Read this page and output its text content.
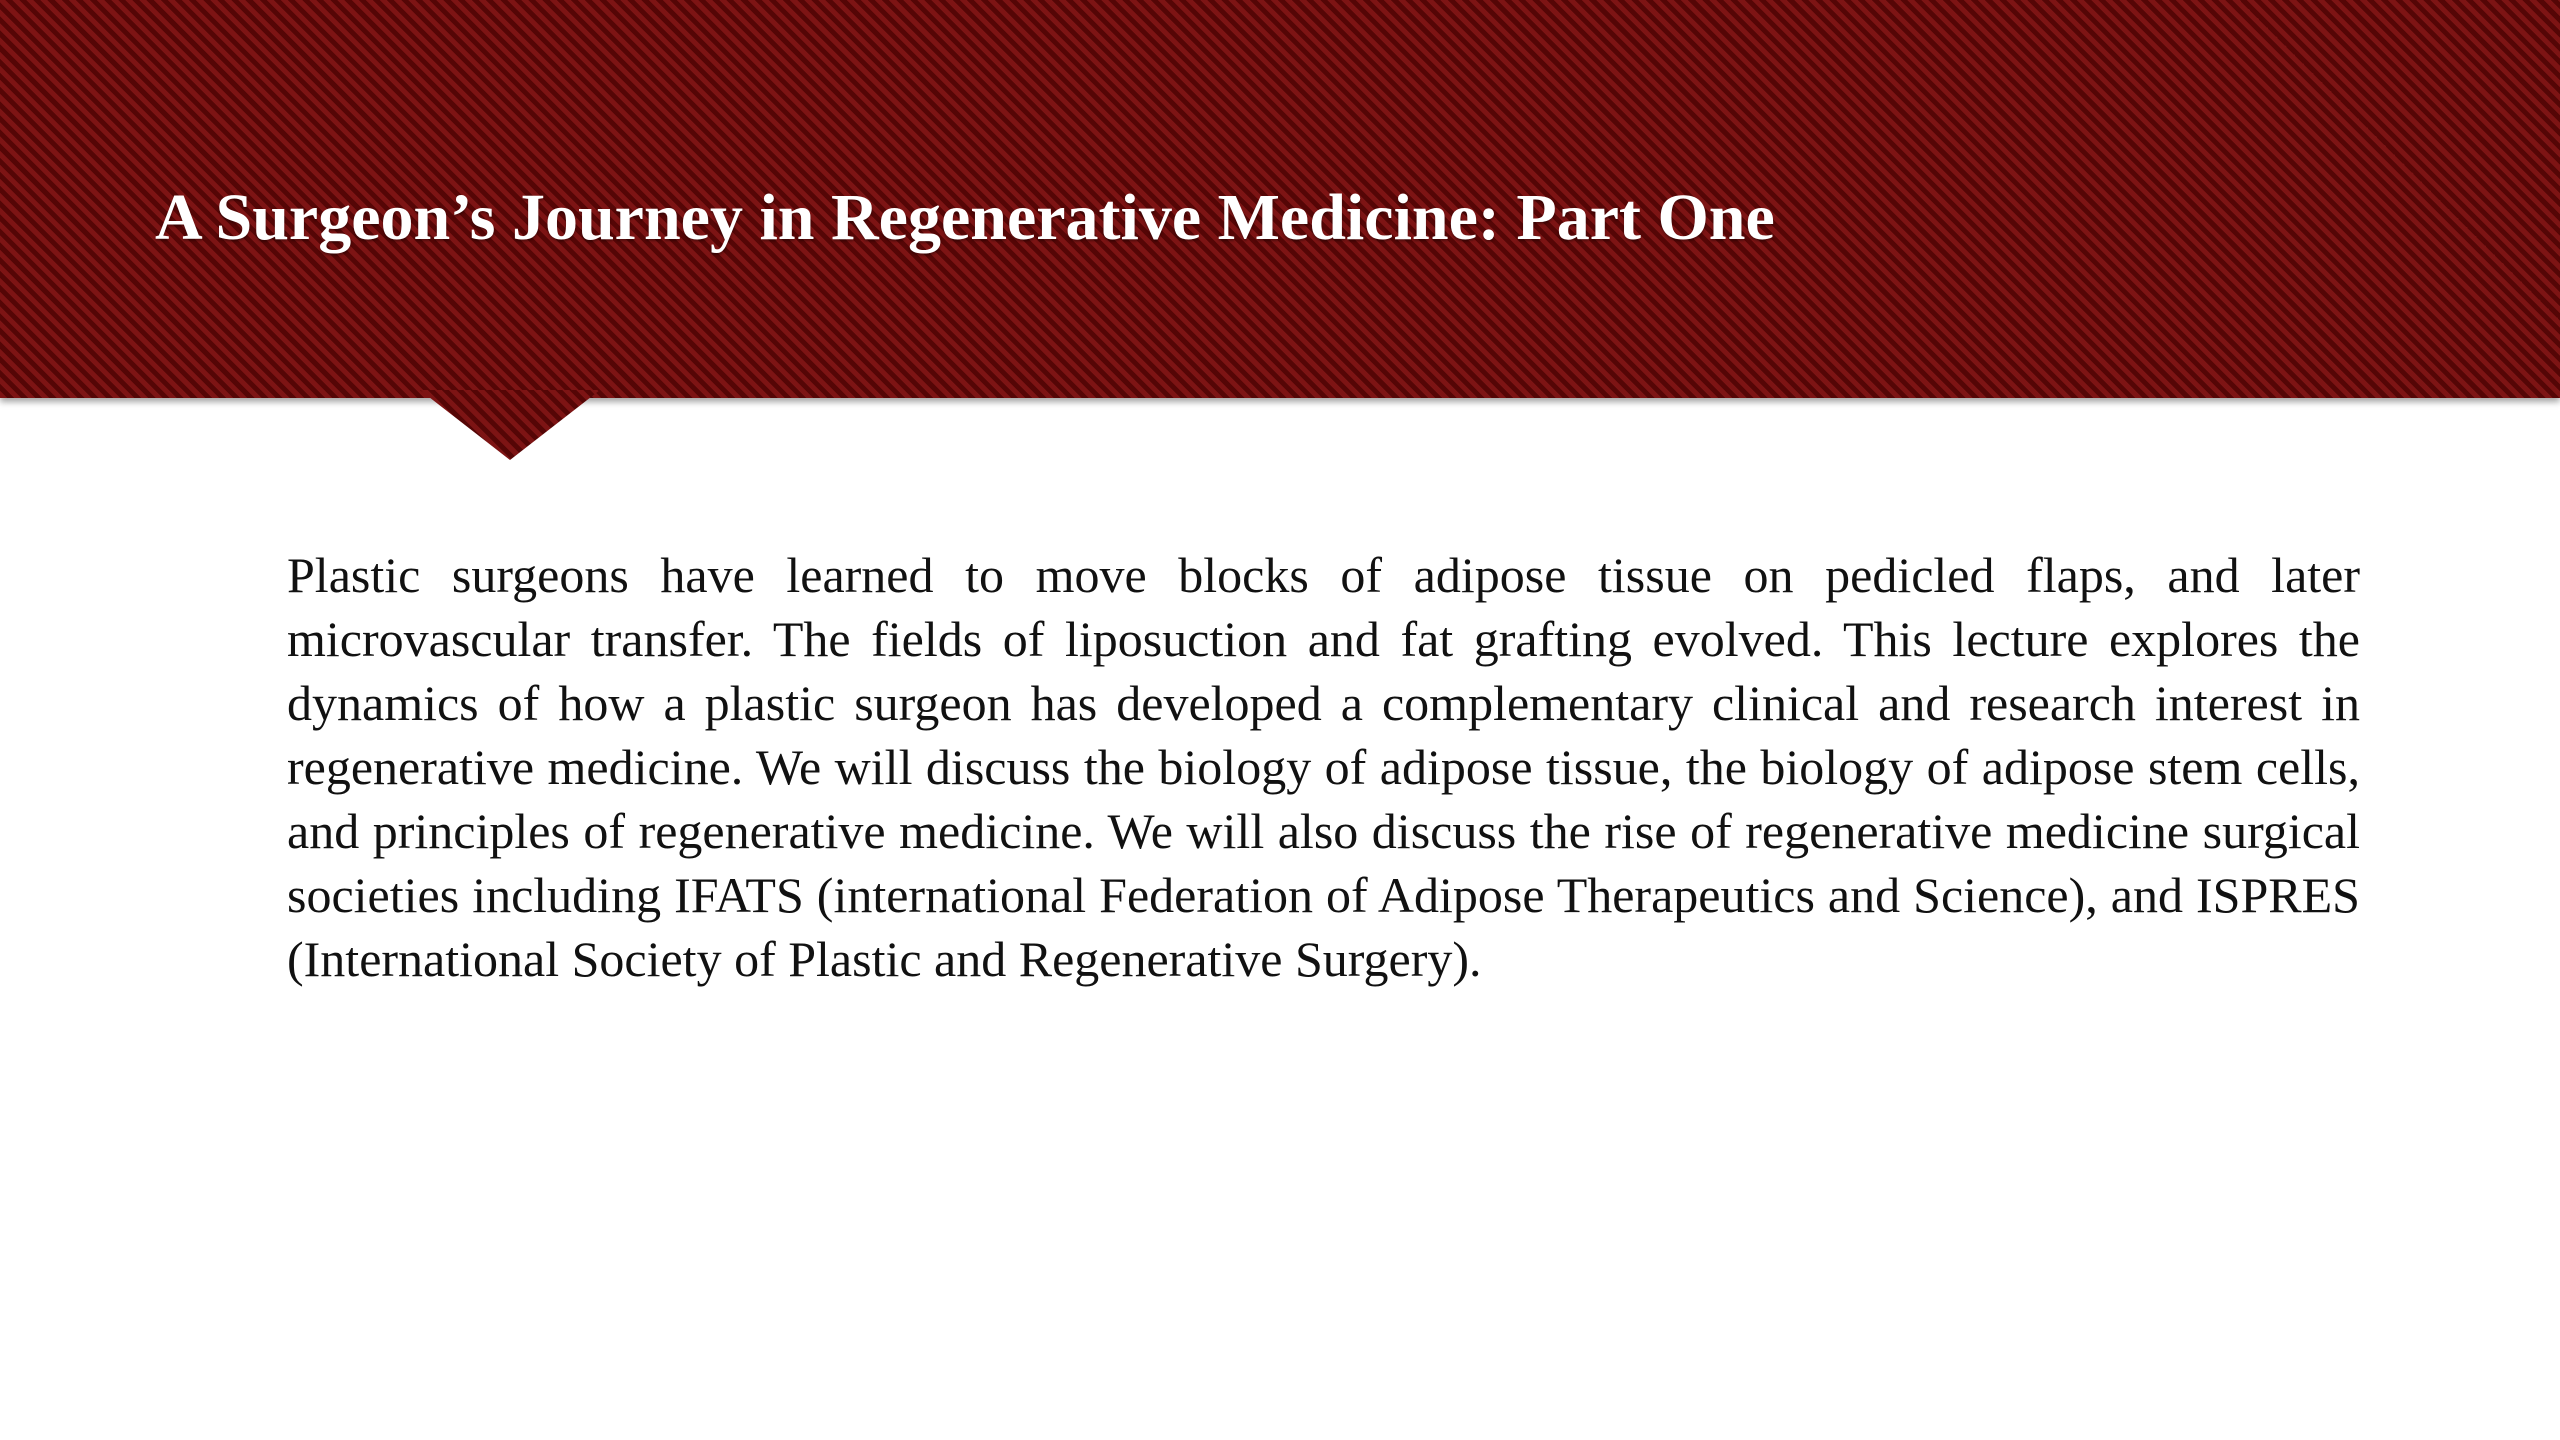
A Surgeon’s Journey in Regenerative Medicine: Part One

Plastic surgeons have learned to move blocks of adipose tissue on pedicled flaps, and later microvascular transfer. The fields of liposuction and fat grafting evolved. This lecture explores the dynamics of how a plastic surgeon has developed a complementary clinical and research interest in regenerative medicine. We will discuss the biology of adipose tissue, the biology of adipose stem cells, and principles of regenerative medicine. We will also discuss the rise of regenerative medicine surgical societies including IFATS (international Federation of Adipose Therapeutics and Science), and ISPRES (International Society of Plastic and Regenerative Surgery).
